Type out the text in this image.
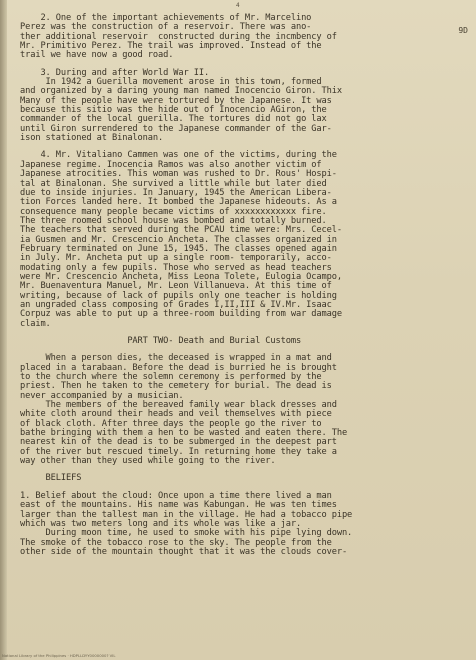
4
9D
2. One of the important achievements of Mr. Marcelino
Perez was the construction of a reservoir. There was ano-
ther additional reservoir  constructed during the incmbency of
Mr. Primitivo Perez. The trail was improved. Instead of the
trail we have now a good road.
3. During and after World War II.
In 1942 a Guerilla movement arose in this town, formed
and organized by a daring young man named Inocencio Giron. Thix
Many of the people have were tortured by the Japanese. It was
because this sitio was the hide out of Inocencio AGiron, the
commander of the local guerilla. The tortures did not go lax
until Giron surrendered to the Japanese commander of the Gar-
ison stationed at Binalonan.
4. Mr. Vitaliano Cammen was one of the victims, during the
Japanese regime. Inocencia Ramos was also another victim of
Japanese atrocities. This woman was rushed to Dr. Rous' Hospi-
tal at Binalonan. She survived a little while but later died
due to inside injuries. In January, 1945 the American Libera-
tion Forces landed here. It bombed the Japanese hideouts. As a
consequence many people became victims of xxxxxxxxxxxx fire.
The three roomed school house was bombed and totally burned.
The teachers that served during the PCAU time were: Mrs. Cecel-
ia Gusmen and Mr. Crescencio Ancheta. The classes organized in
February terminated on June 15, 1945. The classes opened again
in July. Mr. Ancheta put up a single room- temporarily, acco-
modating only a few pupils. Those who served as head teachers
were Mr. Crescencio Ancheta, Miss Leona Tolete, Eulogia Ocampo,
Mr. Buenaventura Manuel, Mr. Leon Villanueva. At this time of
writing, because of lack of pupils only one teacher is holding
an ungraded class composing of Grades I,II,III & IV.Mr. Isaac
Corpuz was able to put up a three-room building from war damage
claim.
PART TWO- Death and Burial Customs
When a person dies, the deceased is wrapped in a mat and
placed in a tarabaan. Before the dead is burried he is brought
to the church where the solemn ceremony is performed by the
priest. Then he taken to the cemetery for burial. The dead is
never accompanied by a musician.
The members of the bereaved family wear black dresses and
white cloth around their heads and veil themselves with piece
of black cloth. After three days the people go the river to
bathe bringing with them a hen to be wasted and eaten there. The
nearest kin of the dead is to be submerged in the deepest part
of the river but rescued timely. In returning home they take a
way other than they used while going to the river.
BELIEFS
1. Belief about the cloud: Once upon a time there lived a man
east of the mountains. His name was Kabungan. He was ten times
larger than the tallest man in the village. He had a tobacco pipe
which was two meters long and its whole was like a jar.
During moon time, he used to smoke with his pipe lying down.
The smoke of the tobacco rose to the sky. The people from the
other side of the mountain thought that it was the clouds cover-
National Library of the Philippines · HDPLLDYY0000000? VIL
